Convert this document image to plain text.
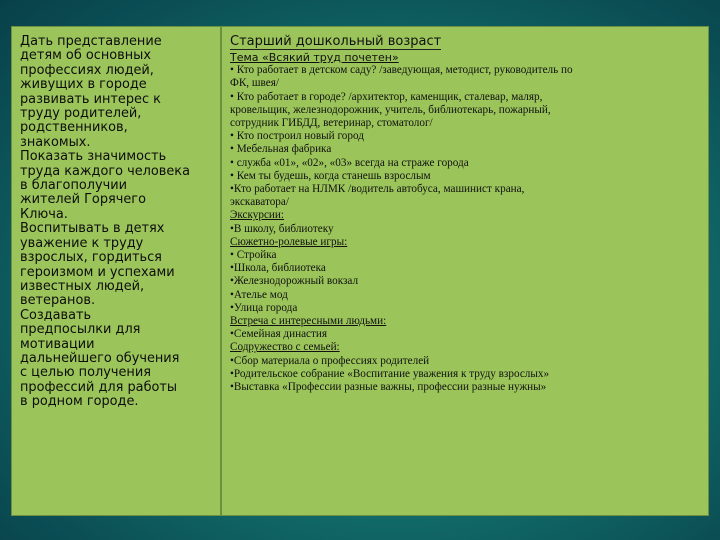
Дать представление
детям об основных
профессиях людей,
живущих в городе
развивать интерес к
труду родителей,
родственников,
знакомых.
Показать значимость
труда каждого человека
в благополучии
жителей Горячего
Ключа.
Воспитывать в детях
уважение к труду
взрослых, гордиться
героизмом и успехами
известных людей,
ветеранов.
Создавать
предпосылки для
мотивации
дальнейшего обучения
с целью получения
профессий для работы
в родном городе.

Старший дошкольный возраст

Тема «Всякий труд почетен»

• Кто работает в детском саду? /заведующая, методист, руководитель по

ФК, швея/

• Кто работает в городе? /архитектор, каменщик, сталевар, маляр,

кровельщик, железнодорожник, учитель, библиотекарь, пожарный,

сотрудник ГИБДД, ветеринар, стоматолог/

• Кто построил новый город

• Мебельная фабрика

• служба «01», «02», «03» всегда на страже города

• Кем ты будешь, когда станешь взрослым

•Кто работает на НЛМК /водитель автобуса, машинист крана,

экскаватора/

Экскурсии:

•В школу, библиотеку

Сюжетно-ролевые игры:

• Стройка

•Школа, библиотека

•Железнодорожный вокзал

•Ателье мод

•Улица города

Встреча с интересными людьми:

•Семейная династия

Содружество с семьей:

•Сбор материала о профессиях родителей

•Родительское собрание «Воспитание уважения к труду взрослых»

•Выставка «Профессии разные важны, профессии разные нужны»
